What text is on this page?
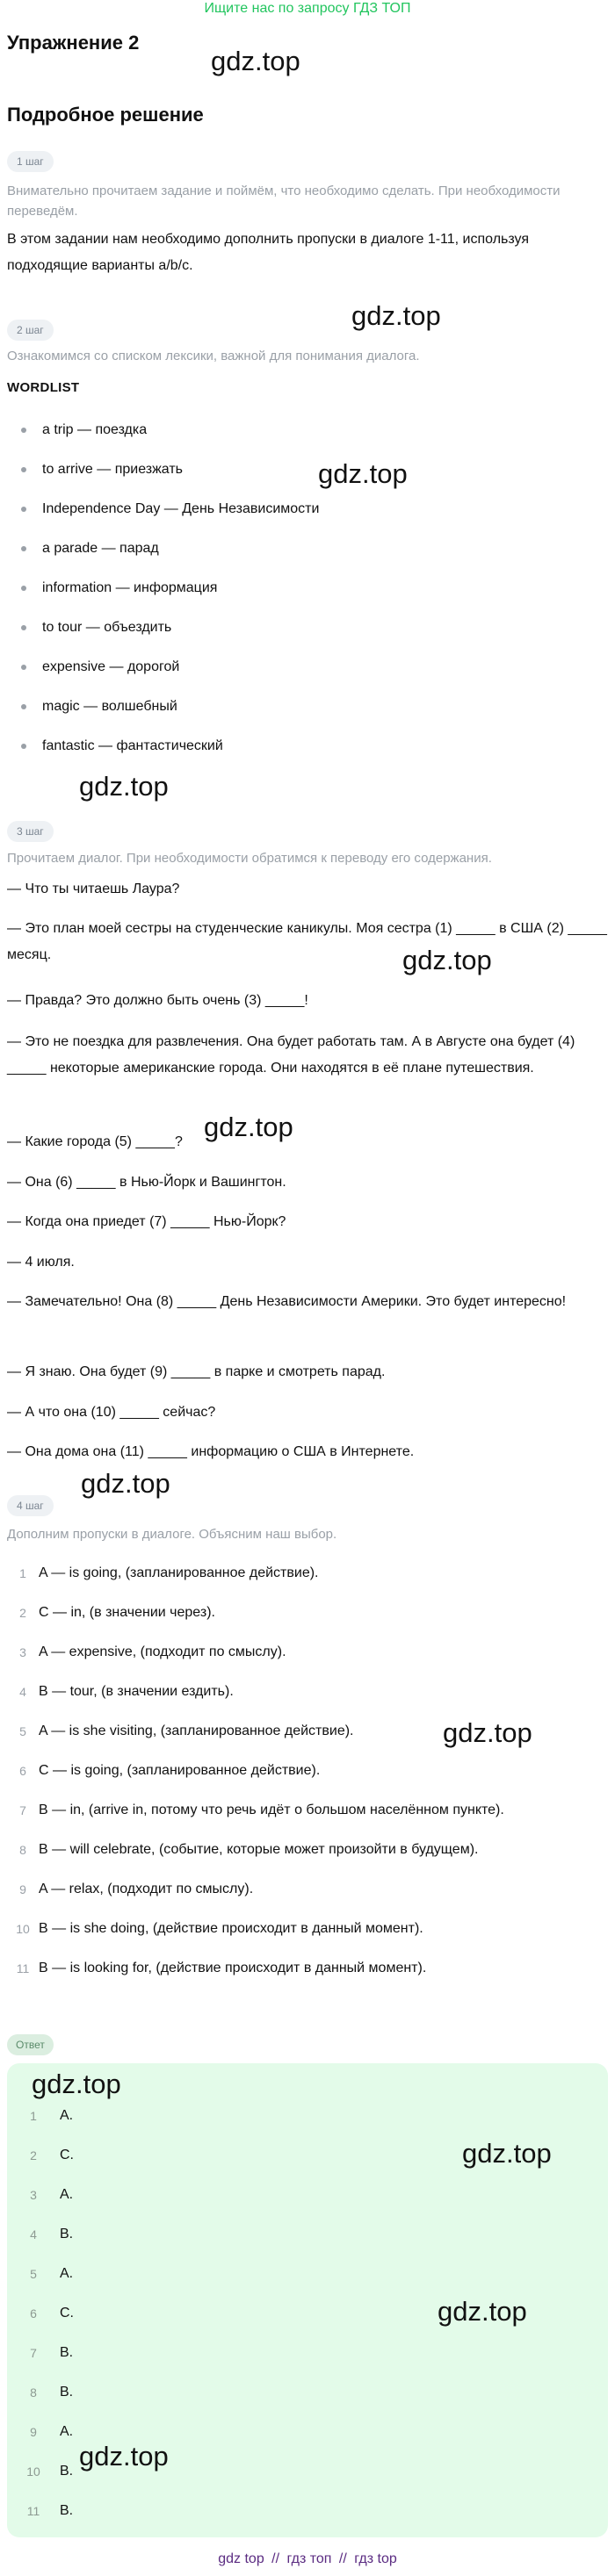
Ищите нас по запросу ГДЗ ТОП
Упражнение 2
gdz.top
Подробное решение
1 шаг
Внимательно прочитаем задание и поймём, что необходимо сделать. При необходимости переведём.
В этом задании нам необходимо дополнить пропуски в диалоге 1-11, используя подходящие варианты a/b/c.
gdz.top
2 шаг
Ознакомимся со списком лексики, важной для понимания диалога.
WORDLIST
a trip — поездка
to arrive — приезжать
Independence Day — День Независимости
a parade — парад
information — информация
to tour — объездить
expensive — дорогой
magic — волшебный
fantastic — фантастический
gdz.top
gdz.top
3 шаг
Прочитаем диалог. При необходимости обратимся к переводу его содержания.
— Что ты читаешь Лаура?
— Это план моей сестры на студенческие каникулы. Моя сестра (1) _____ в США (2) _____ месяц.	gdz.top
— Правда? Это должно быть очень (3) _____!
— Это не поездка для развлечения. Она будет работать там. А в Августе она будет (4) _____ некоторые американские города. Они находятся в её плане путешествия.
gdz.top
— Какие города (5) _____?
— Она (6) _____ в Нью-Йорк и Вашингтон.
— Когда она приедет (7) _____ Нью-Йорк?
— 4 июля.
— Замечательно! Она (8) _____ День Независимости Америки. Это будет интересно!
— Я знаю. Она будет (9) _____ в парке и смотреть парад.
— А что она (10) _____ сейчас?
— Она дома она (11) _____ информацию о США в Интернете.
gdz.top
4 шаг
Дополним пропуски в диалоге. Объясним наш выбор.
1 A — is going, (запланированное действие).
2 C — in, (в значении через).
3 A — expensive, (подходит по смыслу).
4 B — tour, (в значении ездить).
5 A — is she visiting, (запланированное действие).
6 C — is going, (запланированное действие).
7 B — in, (arrive in, потому что речь идёт о большом населённом пункте).
8 B — will celebrate, (событие, которые может произойти в будущем).
9 A — relax, (подходит по смыслу).
10 B — is she doing, (действие происходит в данный момент).
11 B — is looking for, (действие происходит в данный момент).
gdz.top
Ответ
gdz.top
gdz.top
gdz.top
gdz.top
1	A.
2	C.
3	A.
4	B.
5	A.
6	C.
7	B.
8	B.
9	A.
10	B.
11	B.
gdz top // гдз топ // гдз top
